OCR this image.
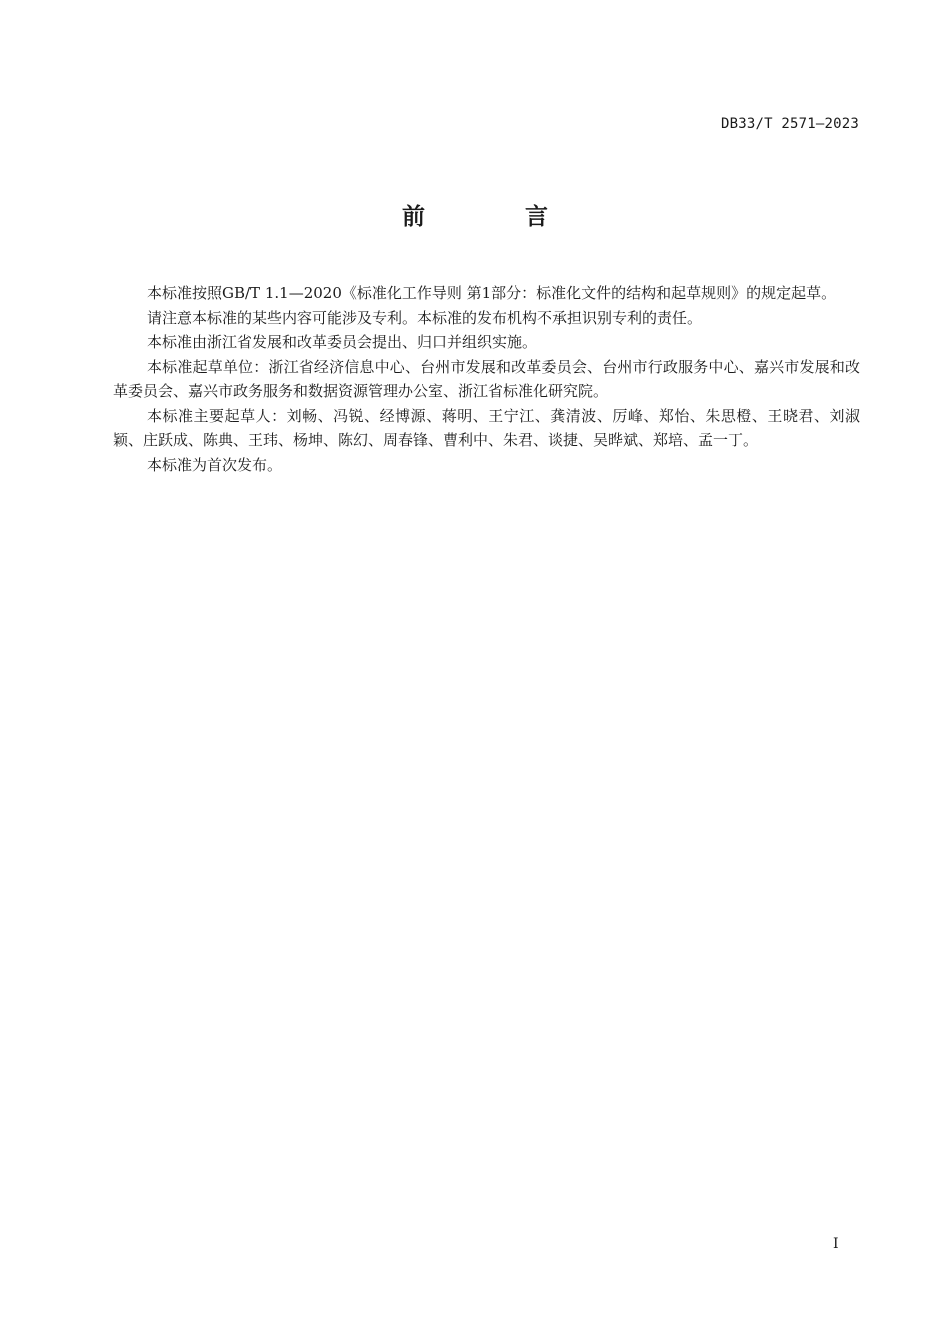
DB33/T 2571—2023
前 言

本标准按照GB/T 1.1—2020《标准化工作导则 第1部分：标准化文件的结构和起草规则》的规定起草。

请注意本标准的某些内容可能涉及专利。本标准的发布机构不承担识别专利的责任。

本标准由浙江省发展和改革委员会提出、归口并组织实施。

本标准起草单位：浙江省经济信息中心、台州市发展和改革委员会、台州市行政服务中心、嘉兴市发展和改革委员会、嘉兴市政务服务和数据资源管理办公室、浙江省标准化研究院。

本标准主要起草人：刘畅、冯锐、经博源、蒋明、王宁江、龚清波、厉峰、郑怡、朱思橙、王晓君、刘淑颖、庄跃成、陈典、王玮、杨坤、陈幻、周春锋、曹利中、朱君、谈捷、吴晔斌、郑培、孟一丁。

本标准为首次发布。

I
